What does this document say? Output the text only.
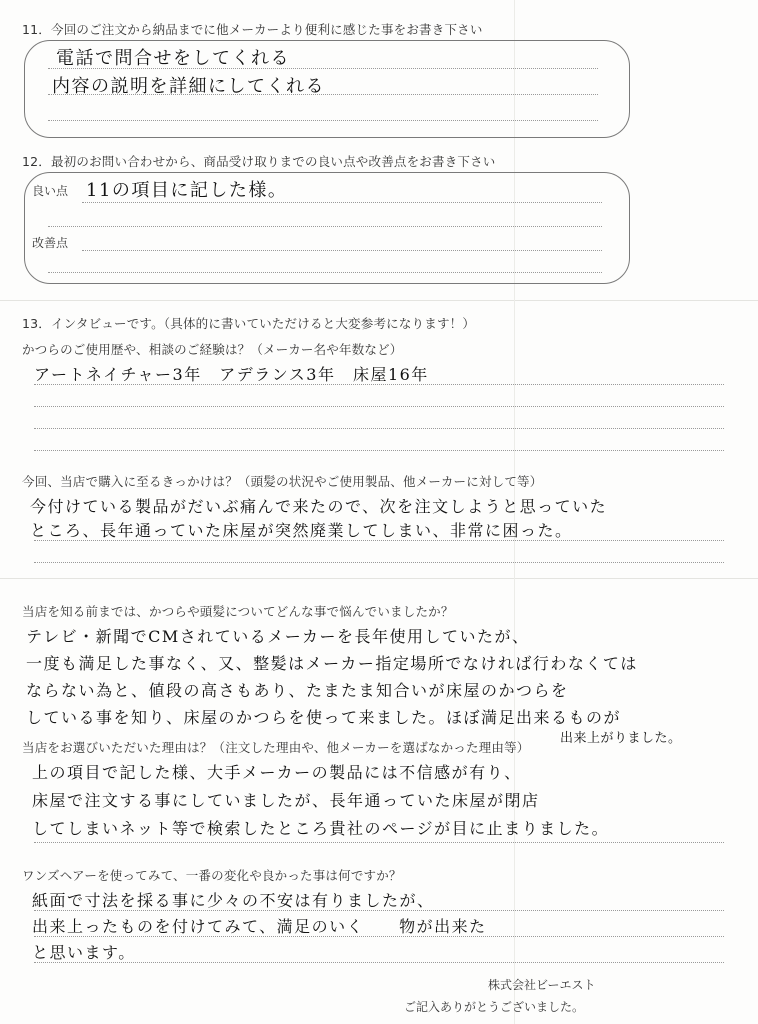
11．今回のご注文から納品までに他メーカーより便利に感じた事をお書き下さい
電話で問合せをしてくれる
内容の説明を詳細にしてくれる
12．最初のお問い合わせから、商品受け取りまでの良い点や改善点をお書き下さい
良い点 11の項目に記した様。
改善点
13．インタビューです。（具体的に書いていただけると大変参考になります！）
かつらのご使用歴や、相談のご経験は？（メーカー名や年数など）
アートネイチャー3年　アデランス3年　床屋16年
今回、当店で購入に至るきっかけは？（頭髪の状況やご使用製品、他メーカーに対して等）
今付けている製品がだいぶ痛んで来たので、次を注文しようと思っていた
ところ、長年通っていた床屋が突然廃業してしまい、非常に困った。
当店を知る前までは、かつらや頭髪についてどんな事で悩んでいましたか？
テレビ・新聞でCMされているメーカーを長年使用していたが、
一度も満足した事なく、又、整髪はメーカー指定場所でなければ行わなくては
ならない為と、値段の高さもあり、たまたま知合いが床屋のかつらを
している事を知り、床屋のかつらを使って来ました。ほぼ満足出来るものが
出来上がりました。
当店をお選びいただいた理由は？（注文した理由や、他メーカーを選ばなかった理由等）
上の項目で記した様、大手メーカーの製品には不信感が有り、
床屋で注文する事にしていましたが、長年通っていた床屋が閉店
してしまいネット等で検索したところ貴社のページが目に止まりました。
ワンズヘアーを使ってみて、一番の変化や良かった事は何ですか？
紙面で寸法を採る事に少々の不安は有りましたが、
出来上ったものを付けてみて、満足のいく　　物が出来た
と思います。
株式会社ビーエスト
ご記入ありがとうございました。
